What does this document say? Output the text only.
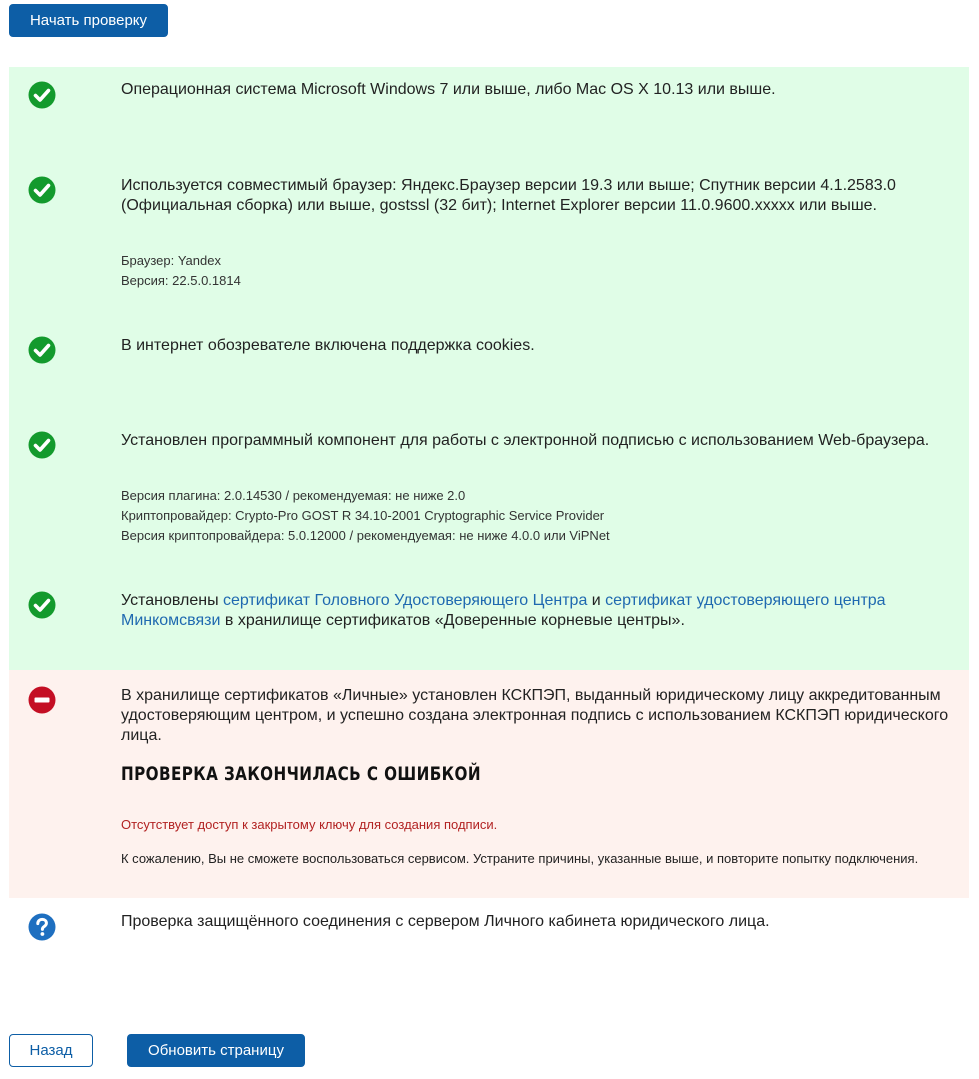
Начать проверку
Операционная система Microsoft Windows 7 или выше, либо Mac OS X 10.13 или выше.
Используется совместимый браузер: Яндекс.Браузер версии 19.3 или выше; Спутник версии 4.1.2583.0 (Официальная сборка) или выше, gostssl (32 бит); Internet Explorer версии 11.0.9600.xxxxx или выше.
Браузер: Yandex
Версия: 22.5.0.1814
В интернет обозревателе включена поддержка cookies.
Установлен программный компонент для работы с электронной подписью с использованием Web-браузера.
Версия плагина: 2.0.14530 / рекомендуемая: не ниже 2.0
Криптопровайдер: Crypto-Pro GOST R 34.10-2001 Cryptographic Service Provider
Версия криптопровайдера: 5.0.12000 / рекомендуемая: не ниже 4.0.0 или ViPNet
Установлены сертификат Головного Удостоверяющего Центра и сертификат удостоверяющего центра Минкомсвязи в хранилище сертификатов «Доверенные корневые центры».
В хранилище сертификатов «Личные» установлен КСКПЭП, выданный юридическому лицу аккредитованным удостоверяющим центром, и успешно создана электронная подпись с использованием КСКПЭП юридического лица.
ПРОВЕРКА ЗАКОНЧИЛАСЬ С ОШИБКОЙ
Отсутствует доступ к закрытому ключу для создания подписи.
К сожалению, Вы не сможете воспользоваться сервисом. Устраните причины, указанные выше, и повторите попытку подключения.
Проверка защищённого соединения с сервером Личного кабинета юридического лица.
Назад	Обновить страницу
